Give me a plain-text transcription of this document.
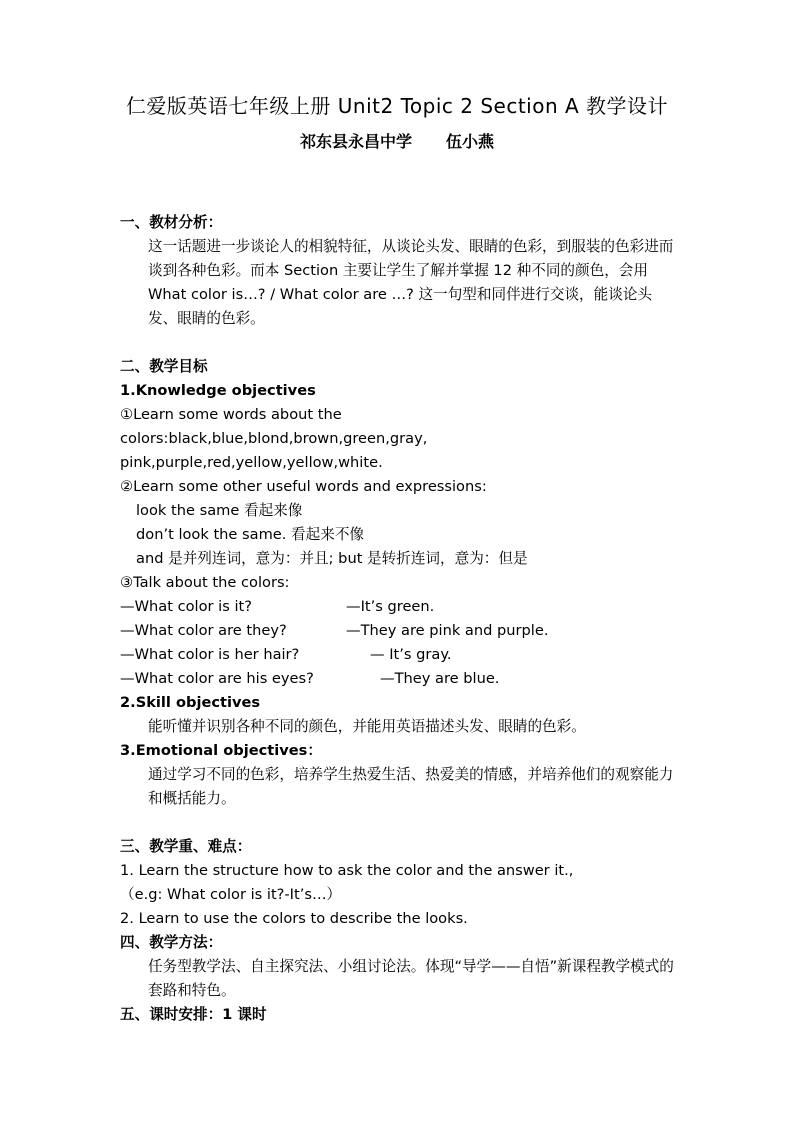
仁爱版英语七年级上册 Unit2 Topic 2 Section A 教学设计
祁东县永昌中学 伍小燕

一、教材分析：

这一话题进一步谈论人的相貌特征，从谈论头发、眼睛的色彩，到服装的色彩进而谈到各种色彩。而本 Section 主要让学生了解并掌握 12 种不同的颜色，会用 What color is…? / What color are …? 这一句型和同伴进行交谈，能谈论头发、眼睛的色彩。

二、教学目标

1.Knowledge objectives

①Learn some words about the

colors:black,blue,blond,brown,green,gray,

pink,purple,red,yellow,yellow,white.

②Learn some other useful words and expressions:

look the same 看起来像

don’t look the same. 看起来不像

and 是并列连词，意为：并且; but 是转折连词，意为：但是

③Talk about the colors:

—What color is it?	—It’s green.

—What color are they?	—They are pink and purple.

—What color is her hair?	— It’s gray.

—What color are his eyes?	—They are blue.

2.Skill objectives

能听懂并识别各种不同的颜色，并能用英语描述头发、眼睛的色彩。

3.Emotional objectives：

通过学习不同的色彩，培养学生热爱生活、热爱美的情感，并培养他们的观察能力和概括能力。

三、教学重、难点：

1. Learn the structure how to ask the color and the answer it.,

（e.g: What color is it?-It’s…）

2. Learn to use the colors to describe the looks.

四、教学方法：

任务型教学法、自主探究法、小组讨论法。体现“导学——自悟”新课程教学模式的套路和特色。

五、课时安排：1 课时
